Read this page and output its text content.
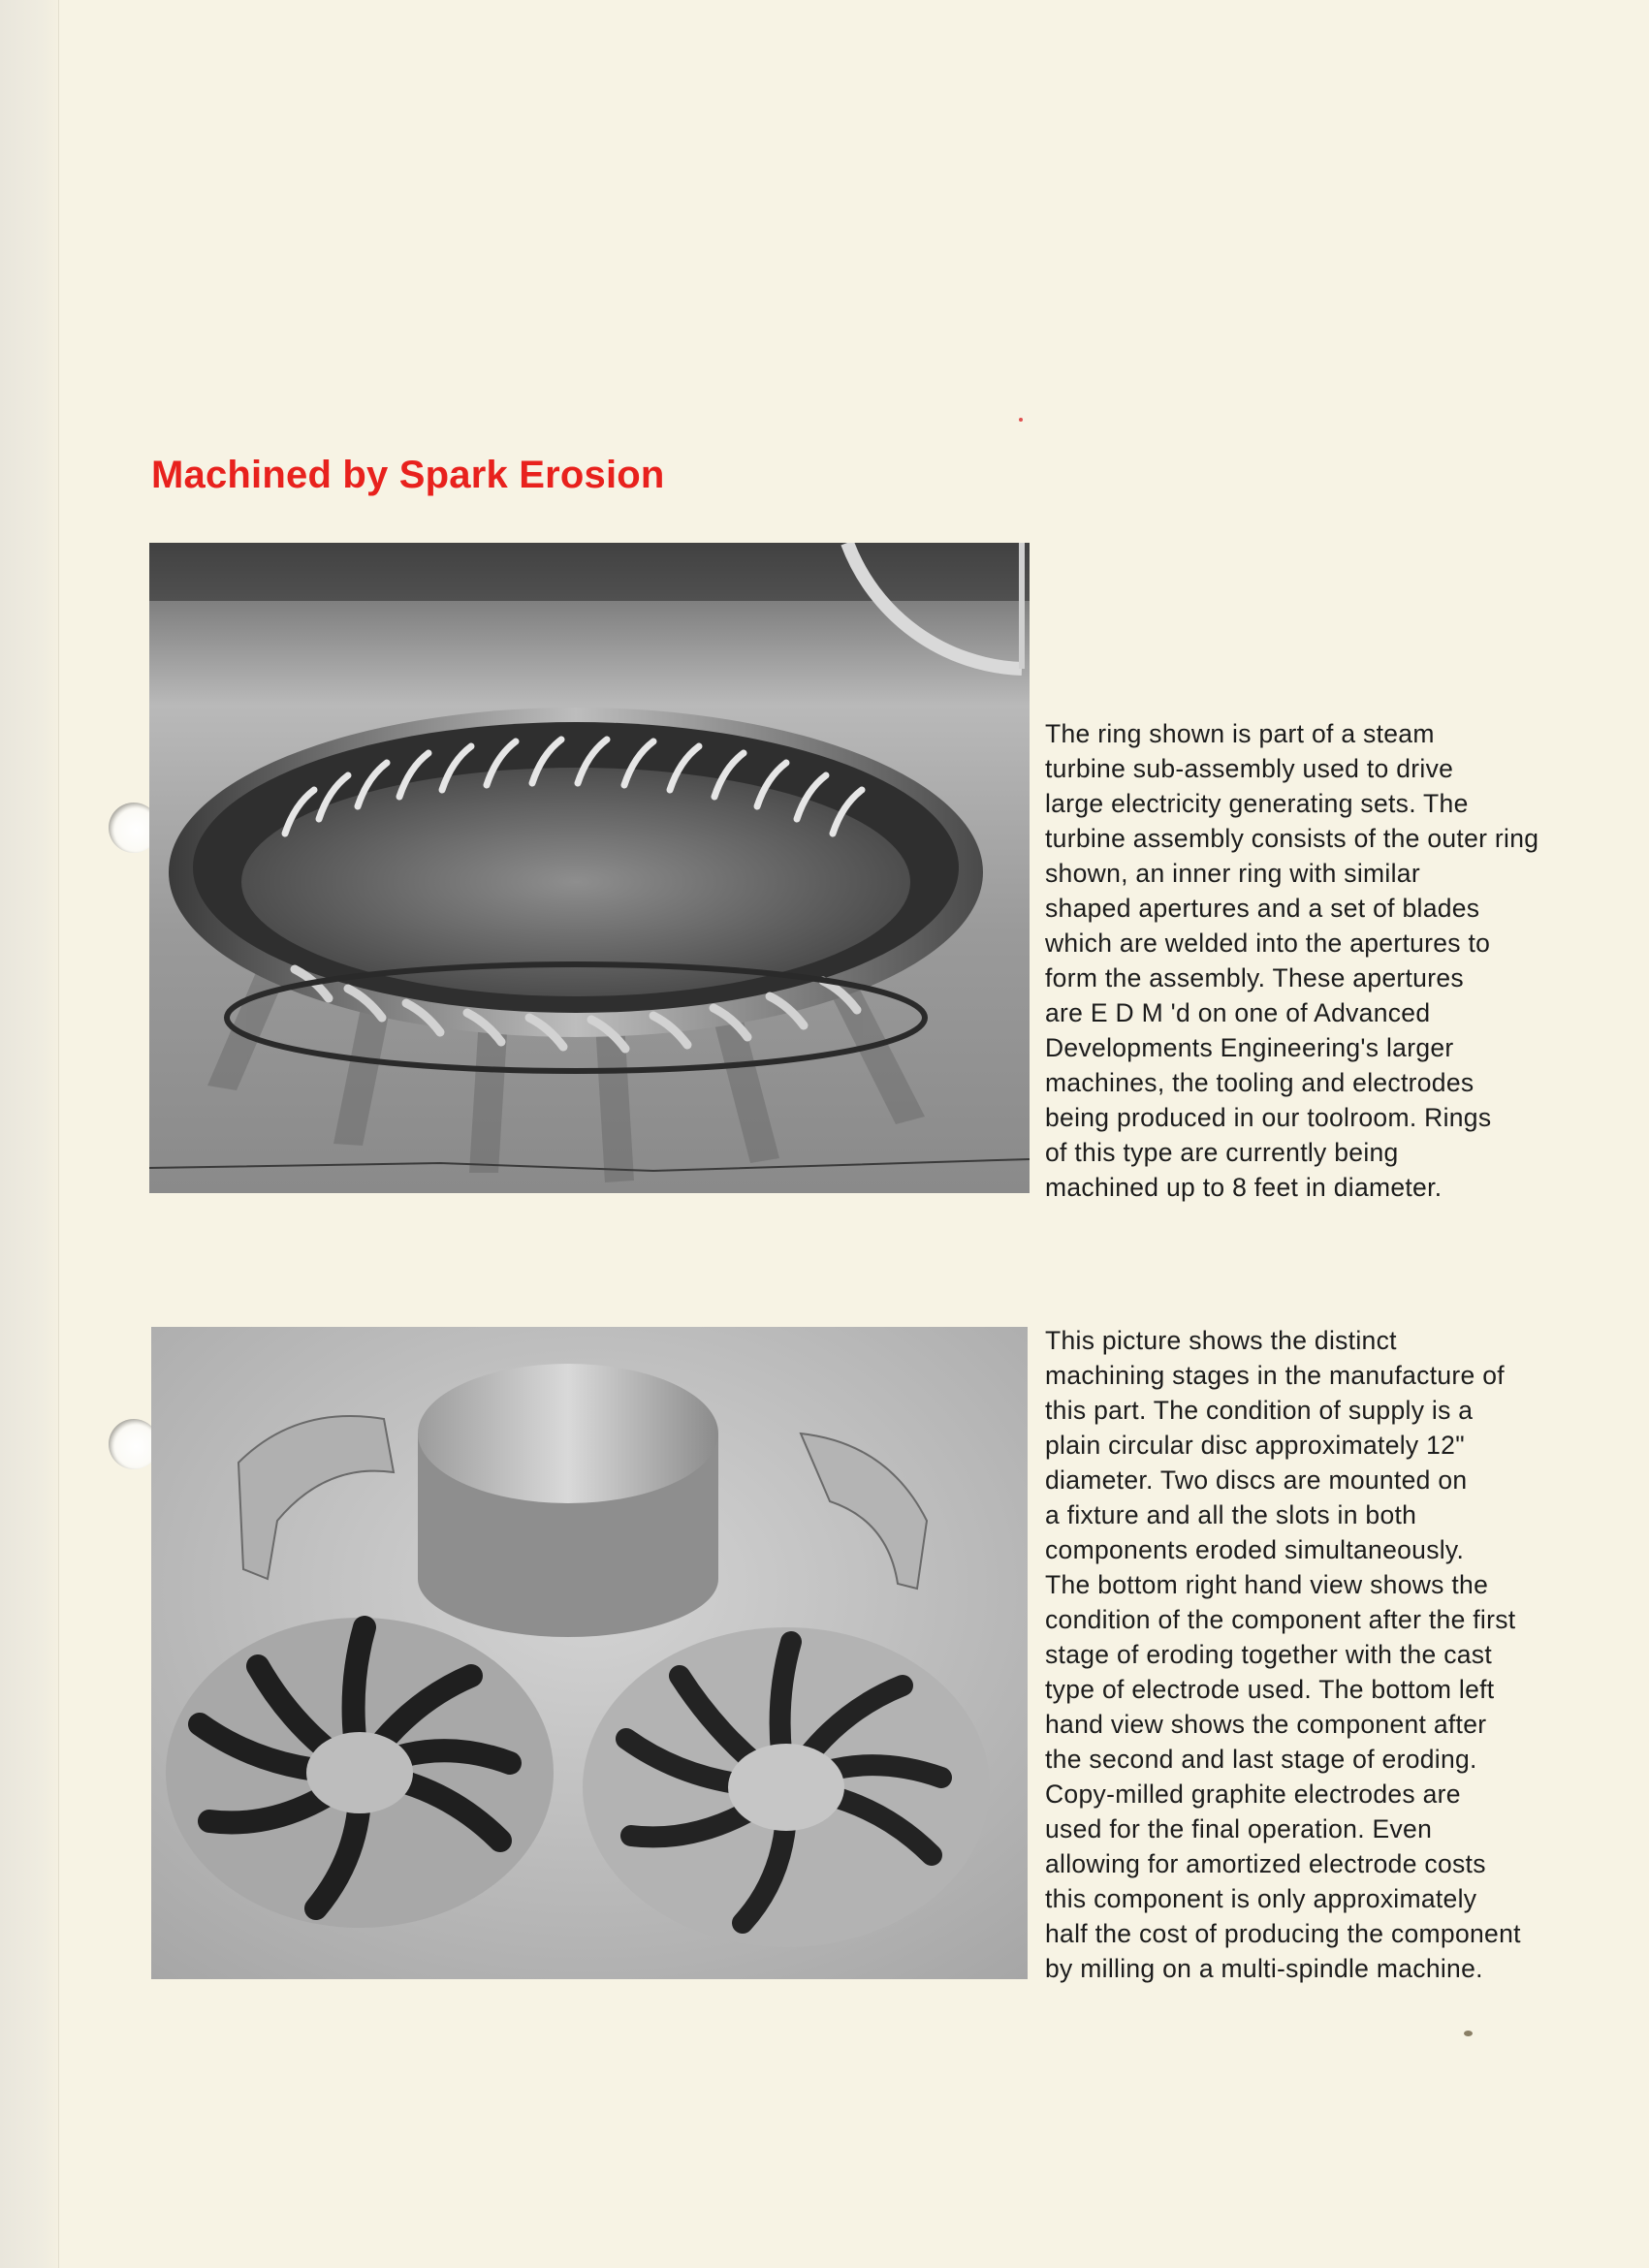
Machined by Spark Erosion
The ring shown is part of a steam
turbine sub-assembly used to drive
large electricity generating sets. The
turbine assembly consists of the outer ring
shown, an inner ring with similar
shaped apertures and a set of blades
which are welded into the apertures to
form the assembly. These apertures
are E D M 'd on one of Advanced
Developments Engineering's larger
machines, the tooling and electrodes
being produced in our toolroom. Rings
of this type are currently being
machined up to 8 feet in diameter.
This picture shows the distinct
machining stages in the manufacture of
this part. The condition of supply is a
plain circular disc approximately 12"
diameter. Two discs are mounted on
a fixture and all the slots in both
components eroded simultaneously.
The bottom right hand view shows the
condition of the component after the first
stage of eroding together with the cast
type of electrode used. The bottom left
hand view shows the component after
the second and last stage of eroding.
Copy-milled graphite electrodes are
used for the final operation. Even
allowing for amortized electrode costs
this component is only approximately
half the cost of producing the component
by milling on a multi-spindle machine.
